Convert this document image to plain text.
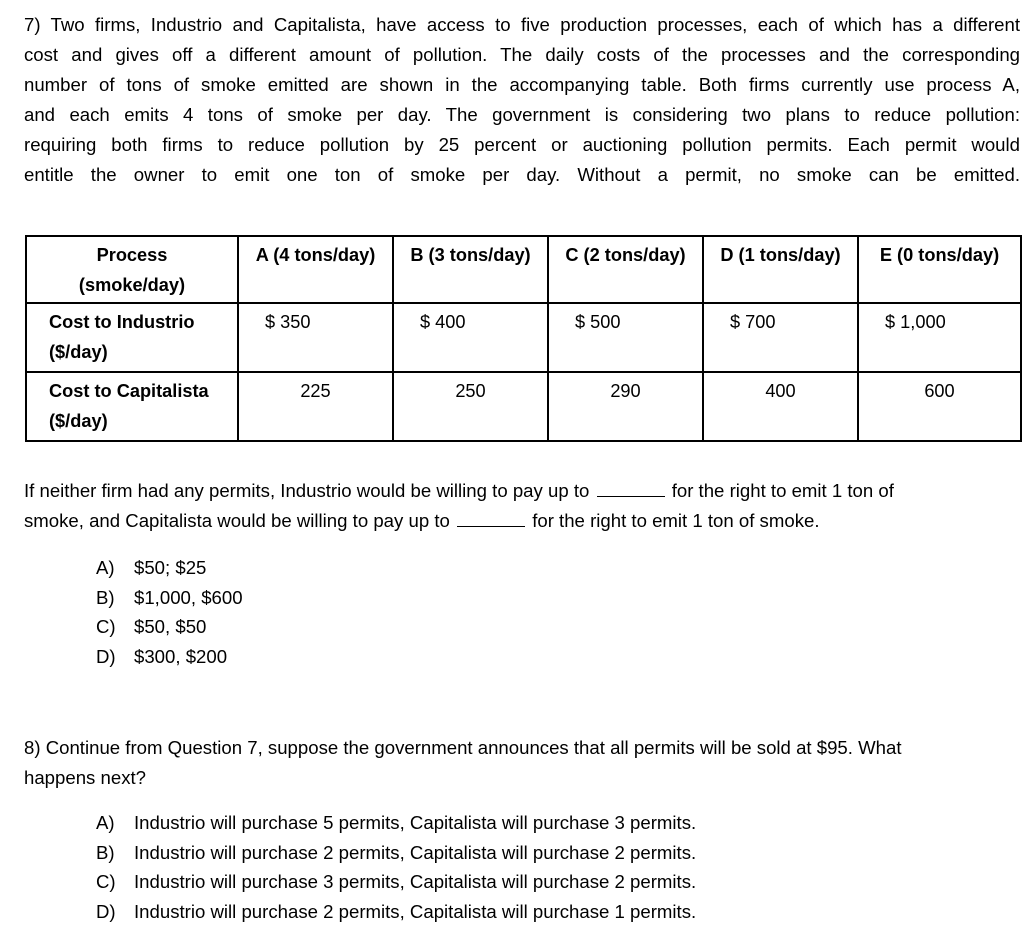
7) Two firms, Industrio and Capitalista, have access to five production processes, each of which has a different
cost and gives off a different amount of pollution. The daily costs of the processes and the corresponding
number of tons of smoke emitted are shown in the accompanying table. Both firms currently use process A,
and each emits 4 tons of smoke per day. The government is considering two plans to reduce pollution:
requiring both firms to reduce pollution by 25 percent or auctioning pollution permits. Each permit would
entitle the owner to emit one ton of smoke per day. Without a permit, no smoke can be emitted.
Process
(smoke/day)	A (4 tons/day)	B (3 tons/day)	C (2 tons/day)	D (1 tons/day)	E (0 tons/day)
Cost to Industrio
($/day)	$ 350	$ 400	$ 500	$ 700	$ 1,000
Cost to Capitalista
($/day)	225	250	290	400	600
If neither firm had any permits, Industrio would be willing to pay up to	for the right to emit 1 ton of
smoke, and Capitalista would be willing to pay up to	for the right to emit 1 ton of smoke.
A) $50; $25
B) $1,000, $600
C) $50, $50
D) $300, $200
8) Continue from Question 7, suppose the government announces that all permits will be sold at $95. What
happens next?
A) Industrio will purchase 5 permits, Capitalista will purchase 3 permits.
B) Industrio will purchase 2 permits, Capitalista will purchase 2 permits.
C) Industrio will purchase 3 permits, Capitalista will purchase 2 permits.
D) Industrio will purchase 2 permits, Capitalista will purchase 1 permits.
